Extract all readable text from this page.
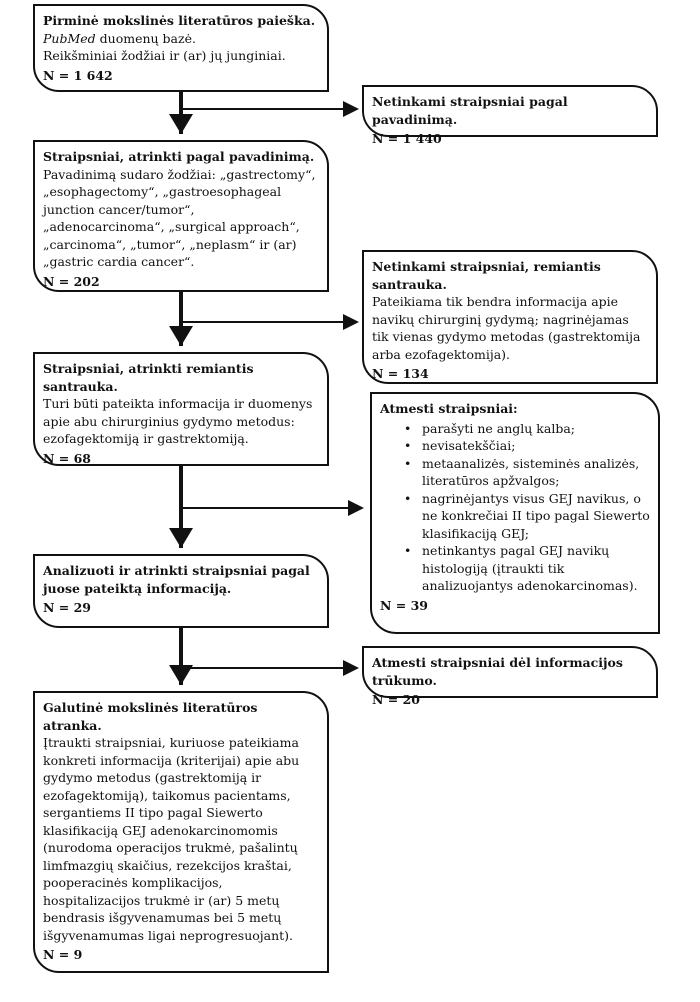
Pirminė mokslinės literatūros paieška.
PubMed duomenų bazė.
Reikšminiai žodžiai ir (ar) jų junginiai.
N = 1 642
Netinkami straipsniai pagal pavadinimą.
N = 1 440
Straipsniai, atrinkti pagal pavadinimą.
Pavadinimą sudaro žodžiai: „gastrectomy“, „esophagectomy“, „gastroesophageal junction cancer/tumor“, „adenocarcinoma“, „surgical approach“, „carcinoma“, „tumor“, „neplasm“ ir (ar) „gastric cardia cancer“.
N = 202
Netinkami straipsniai, remiantis santrauka.
Pateikiama tik bendra informacija apie navikų chirurginį gydymą; nagrinėjamas tik vienas gydymo metodas (gastrektomija arba ezofagektomija).
N = 134
Straipsniai, atrinkti remiantis santrauka.
Turi būti pateikta informacija ir duomenys apie abu chirurginius gydymo metodus: ezofagektomiją ir gastrektomiją.
N = 68
Atmesti straipsniai:
• parašyti ne anglų kalba;
• nevisatekščiai;
• metaanalizės, sisteminės analizės, literatūros apžvalgos;
• nagrinėjantys visus GEJ navikus, o ne konkrečiai II tipo pagal Siewerto klasifikaciją GEJ;
• netinkantys pagal GEJ navikų histologiją (įtraukti tik analizuojantys adenokarcinomas).
N = 39
Analizuoti ir atrinkti straipsniai pagal juose pateiktą informaciją.
N = 29
Atmesti straipsniai dėl informacijos trūkumo.
N = 20
Galutinė mokslinės literatūros atranka.
Įtraukti straipsniai, kuriuose pateikiama konkreti informacija (kriterijai) apie abu gydymo metodus (gastrektomiją ir ezofagektomiją), taikomus pacientams, sergantiems II tipo pagal Siewerto klasifikaciją GEJ adenokarcinomomis (nurodoma operacijos trukmė, pašalintų limfmazgių skaičius, rezekcijos kraštai, pooperacinės komplikacijos, hospitalizacijos trukmė ir (ar) 5 metų bendrasis išgyvenamumas bei 5 metų išgyvenamumas ligai neprogresuojant).
N = 9
